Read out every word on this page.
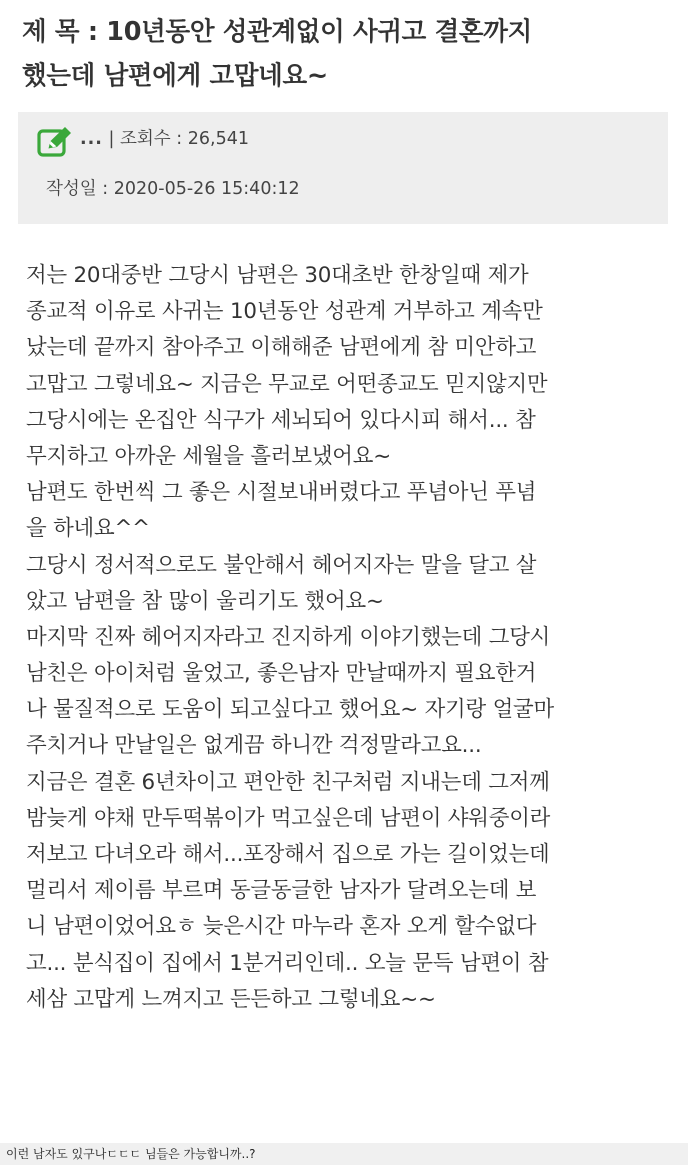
제 목 : 10년동안 성관계없이 사귀고 결혼까지
했는데 남편에게 고맙네요~
... | 조회수 : 26,541
작성일 : 2020-05-26 15:40:12
저는 20대중반 그당시 남편은 30대초반 한창일때 제가
종교적 이유로 사귀는 10년동안 성관계 거부하고 계속만
났는데 끝까지 참아주고 이해해준 남편에게 참 미안하고
고맙고 그렇네요~ 지금은 무교로 어떤종교도 믿지않지만
그당시에는 온집안 식구가 세뇌되어 있다시피 해서... 참
무지하고 아까운 세월을 흘러보냈어요~
남편도 한번씩 그 좋은 시절보내버렸다고 푸념아닌 푸념
을 하네요^^
그당시 정서적으로도 불안해서 헤어지자는 말을 달고 살
았고 남편을 참 많이 울리기도 했어요~
마지막 진짜 헤어지자라고 진지하게 이야기했는데 그당시
남친은 아이처럼 울었고, 좋은남자 만날때까지 필요한거
나 물질적으로 도움이 되고싶다고 했어요~ 자기랑 얼굴마
주치거나 만날일은 없게끔 하니깐 걱정말라고요...
지금은 결혼 6년차이고 편안한 친구처럼 지내는데 그저께
밤늦게 야채 만두떡볶이가 먹고싶은데 남편이 샤워중이라
저보고 다녀오라 해서...포장해서 집으로 가는 길이었는데
멀리서 제이름 부르며 동글동글한 남자가 달려오는데 보
니 남편이었어요ㅎ 늦은시간 마누라 혼자 오게 할수없다
고... 분식집이 집에서 1분거리인데.. 오늘 문득 남편이 참
세삼 고맙게 느껴지고 든든하고 그렇네요~~
이런 남자도 있구나ㄷㄷㄷ 님들은 가능합니까..?
